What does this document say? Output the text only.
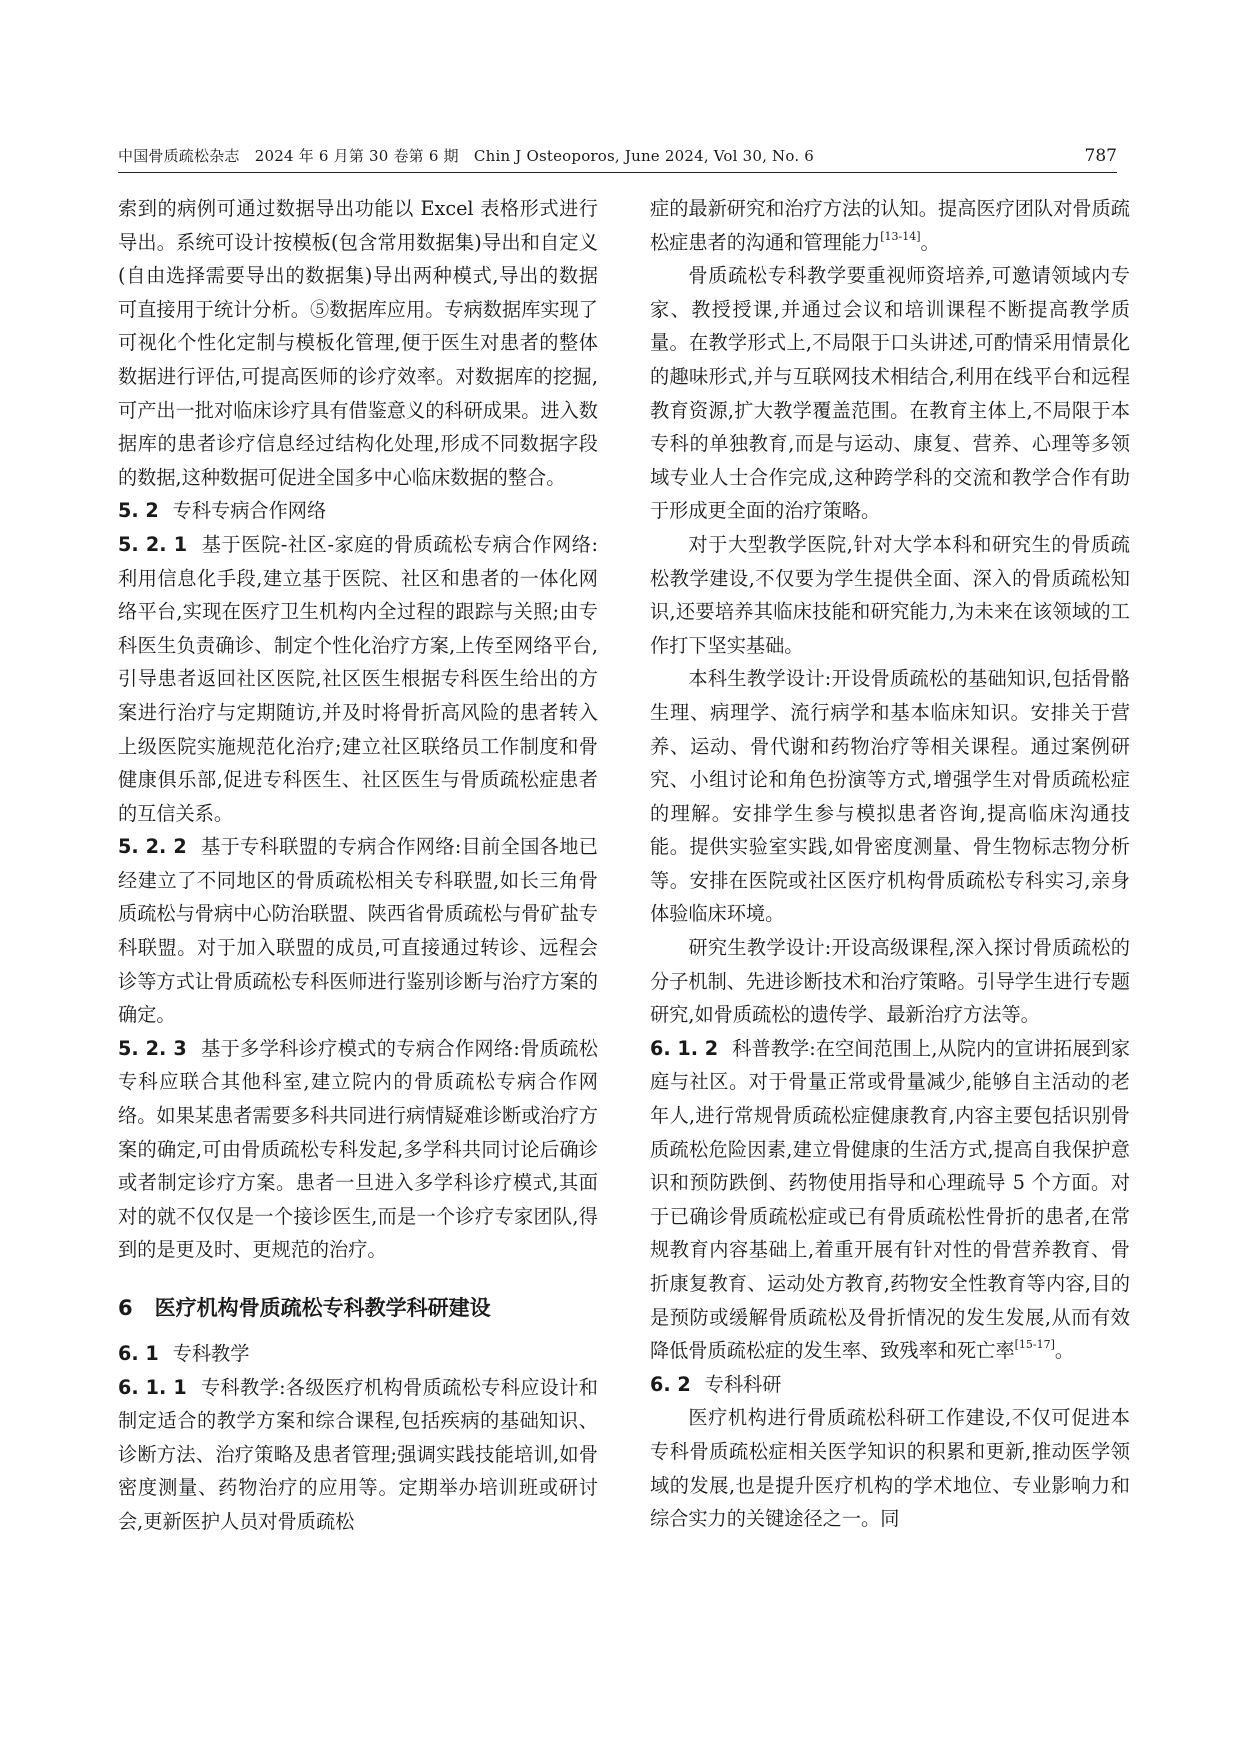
中国骨质疏松杂志　2024 年 6 月第 30 卷第 6 期　Chin J Osteoporos, June 2024, Vol 30, No. 6	787

索到的病例可通过数据导出功能以 Excel 表格形式进行导出。系统可设计按模板(包含常用数据集)导出和自定义(自由选择需要导出的数据集)导出两种模式,导出的数据可直接用于统计分析。⑤数据库应用。专病数据库实现了可视化个性化定制与模板化管理,便于医生对患者的整体数据进行评估,可提高医师的诊疗效率。对数据库的挖掘,可产出一批对临床诊疗具有借鉴意义的科研成果。进入数据库的患者诊疗信息经过结构化处理,形成不同数据字段的数据,这种数据可促进全国多中心临床数据的整合。

5. 2 专科专病合作网络

5. 2. 1 基于医院-社区-家庭的骨质疏松专病合作网络:利用信息化手段,建立基于医院、社区和患者的一体化网络平台,实现在医疗卫生机构内全过程的跟踪与关照;由专科医生负责确诊、制定个性化治疗方案,上传至网络平台,引导患者返回社区医院,社区医生根据专科医生给出的方案进行治疗与定期随访,并及时将骨折高风险的患者转入上级医院实施规范化治疗;建立社区联络员工作制度和骨健康俱乐部,促进专科医生、社区医生与骨质疏松症患者的互信关系。

5. 2. 2 基于专科联盟的专病合作网络:目前全国各地已经建立了不同地区的骨质疏松相关专科联盟,如长三角骨质疏松与骨病中心防治联盟、陕西省骨质疏松与骨矿盐专科联盟。对于加入联盟的成员,可直接通过转诊、远程会诊等方式让骨质疏松专科医师进行鉴别诊断与治疗方案的确定。

5. 2. 3 基于多学科诊疗模式的专病合作网络:骨质疏松专科应联合其他科室,建立院内的骨质疏松专病合作网络。如果某患者需要多科共同进行病情疑难诊断或治疗方案的确定,可由骨质疏松专科发起,多学科共同讨论后确诊或者制定诊疗方案。患者一旦进入多学科诊疗模式,其面对的就不仅仅是一个接诊医生,而是一个诊疗专家团队,得到的是更及时、更规范的治疗。

6 医疗机构骨质疏松专科教学科研建设

6. 1 专科教学

6. 1. 1 专科教学:各级医疗机构骨质疏松专科应设计和制定适合的教学方案和综合课程,包括疾病的基础知识、诊断方法、治疗策略及患者管理;强调实践技能培训,如骨密度测量、药物治疗的应用等。定期举办培训班或研讨会,更新医护人员对骨质疏松

症的最新研究和治疗方法的认知。提高医疗团队对骨质疏松症患者的沟通和管理能力[13-14]。

骨质疏松专科教学要重视师资培养,可邀请领域内专家、教授授课,并通过会议和培训课程不断提高教学质量。在教学形式上,不局限于口头讲述,可酌情采用情景化的趣味形式,并与互联网技术相结合,利用在线平台和远程教育资源,扩大教学覆盖范围。在教育主体上,不局限于本专科的单独教育,而是与运动、康复、营养、心理等多领域专业人士合作完成,这种跨学科的交流和教学合作有助于形成更全面的治疗策略。

对于大型教学医院,针对大学本科和研究生的骨质疏松教学建设,不仅要为学生提供全面、深入的骨质疏松知识,还要培养其临床技能和研究能力,为未来在该领域的工作打下坚实基础。

本科生教学设计:开设骨质疏松的基础知识,包括骨骼生理、病理学、流行病学和基本临床知识。安排关于营养、运动、骨代谢和药物治疗等相关课程。通过案例研究、小组讨论和角色扮演等方式,增强学生对骨质疏松症的理解。安排学生参与模拟患者咨询,提高临床沟通技能。提供实验室实践,如骨密度测量、骨生物标志物分析等。安排在医院或社区医疗机构骨质疏松专科实习,亲身体验临床环境。

研究生教学设计:开设高级课程,深入探讨骨质疏松的分子机制、先进诊断技术和治疗策略。引导学生进行专题研究,如骨质疏松的遗传学、最新治疗方法等。

6. 1. 2 科普教学:在空间范围上,从院内的宣讲拓展到家庭与社区。对于骨量正常或骨量减少,能够自主活动的老年人,进行常规骨质疏松症健康教育,内容主要包括识别骨质疏松危险因素,建立骨健康的生活方式,提高自我保护意识和预防跌倒、药物使用指导和心理疏导 5 个方面。对于已确诊骨质疏松症或已有骨质疏松性骨折的患者,在常规教育内容基础上,着重开展有针对性的骨营养教育、骨折康复教育、运动处方教育,药物安全性教育等内容,目的是预防或缓解骨质疏松及骨折情况的发生发展,从而有效降低骨质疏松症的发生率、致残率和死亡率[15-17]。

6. 2 专科科研

医疗机构进行骨质疏松科研工作建设,不仅可促进本专科骨质疏松症相关医学知识的积累和更新,推动医学领域的发展,也是提升医疗机构的学术地位、专业影响力和综合实力的关键途径之一。同
